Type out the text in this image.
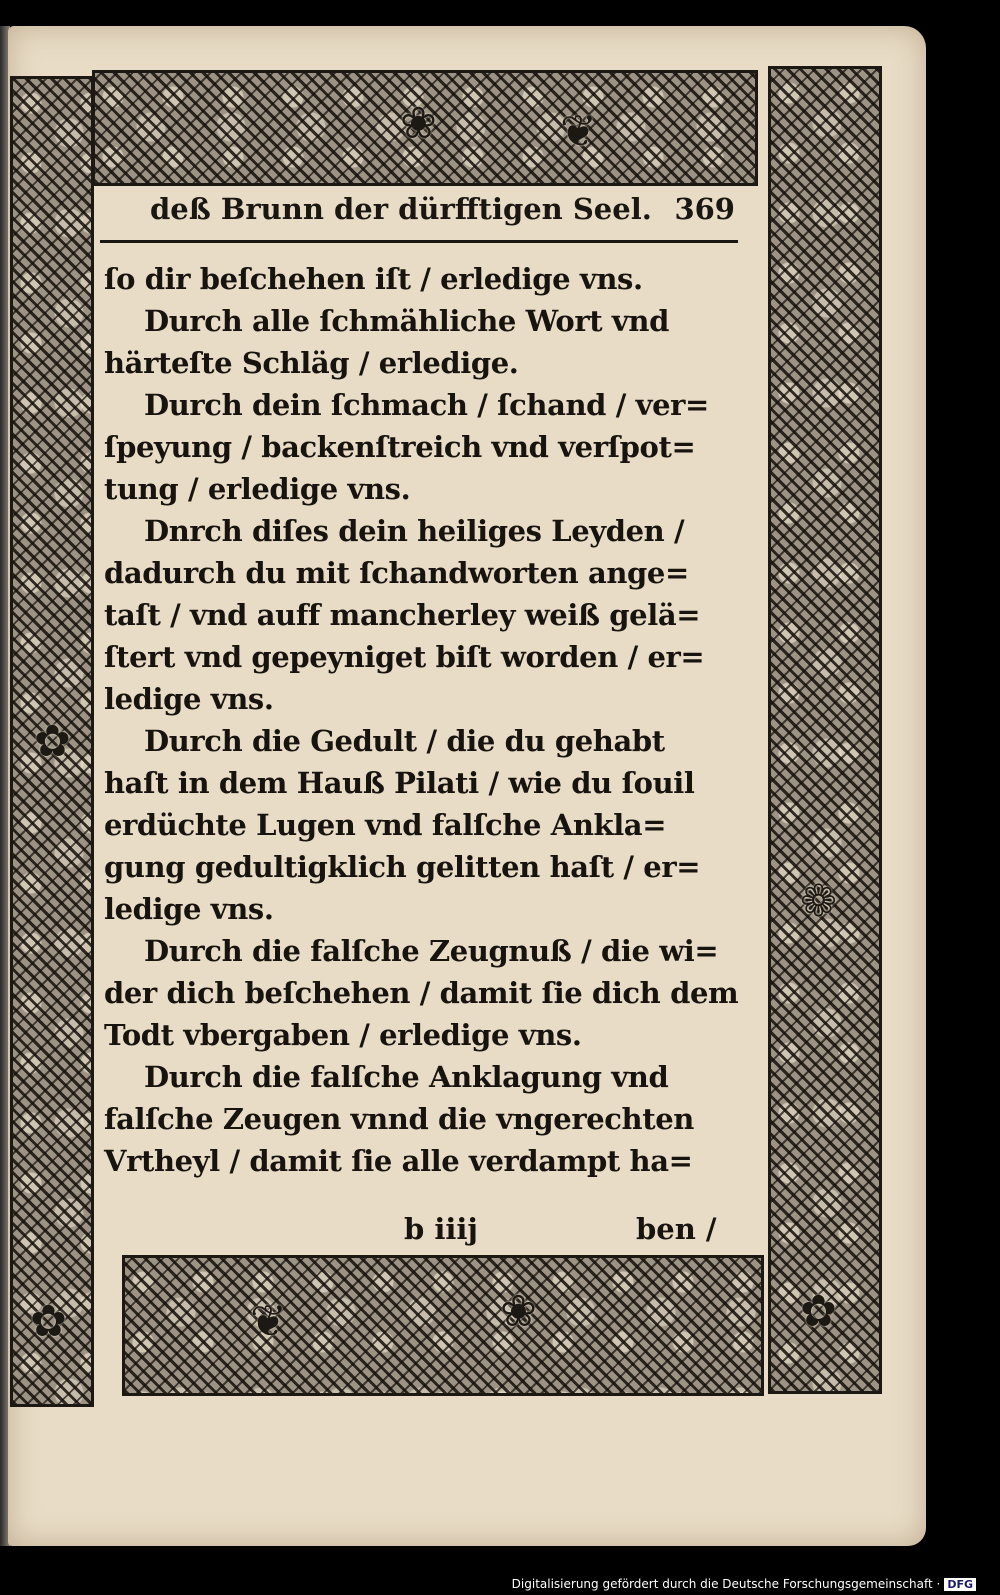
❀	❦
✿
❁
❀
❦
✿	✿
deß Brunn der dürfftigen Seel. 369
ſo dir beſchehen iſt / erledige vns.
Durch alle ſchmähliche Wort vnd
härteſte Schläg / erledige.
Durch dein ſchmach / ſchand / ver=
ſpeyung / backenſtreich vnd verſpot=
tung / erledige vns.
Dnrch diſes dein heiliges Leyden /
dadurch du mit ſchandworten ange=
taſt / vnd auff mancherley weiß gelä=
ſtert vnd gepeyniget biſt worden / er=
ledige vns.
Durch die Gedult / die du gehabt
haſt in dem Hauß Pilati / wie du ſouil
erdüchte Lugen vnd falſche Ankla=
gung gedultigklich gelitten haſt / er=
ledige vns.
Durch die falſche Zeugnuß / die wi=
der dich beſchehen / damit ſie dich dem
Todt vbergaben / erledige vns.
Durch die falſche Anklagung vnd
falſche Zeugen vnnd die vngerechten
Vrtheyl / damit ſie alle verdampt ha=
b iiij	ben /
Digitalisierung gefördert durch die Deutsche Forschungsgemeinschaft · DFG
